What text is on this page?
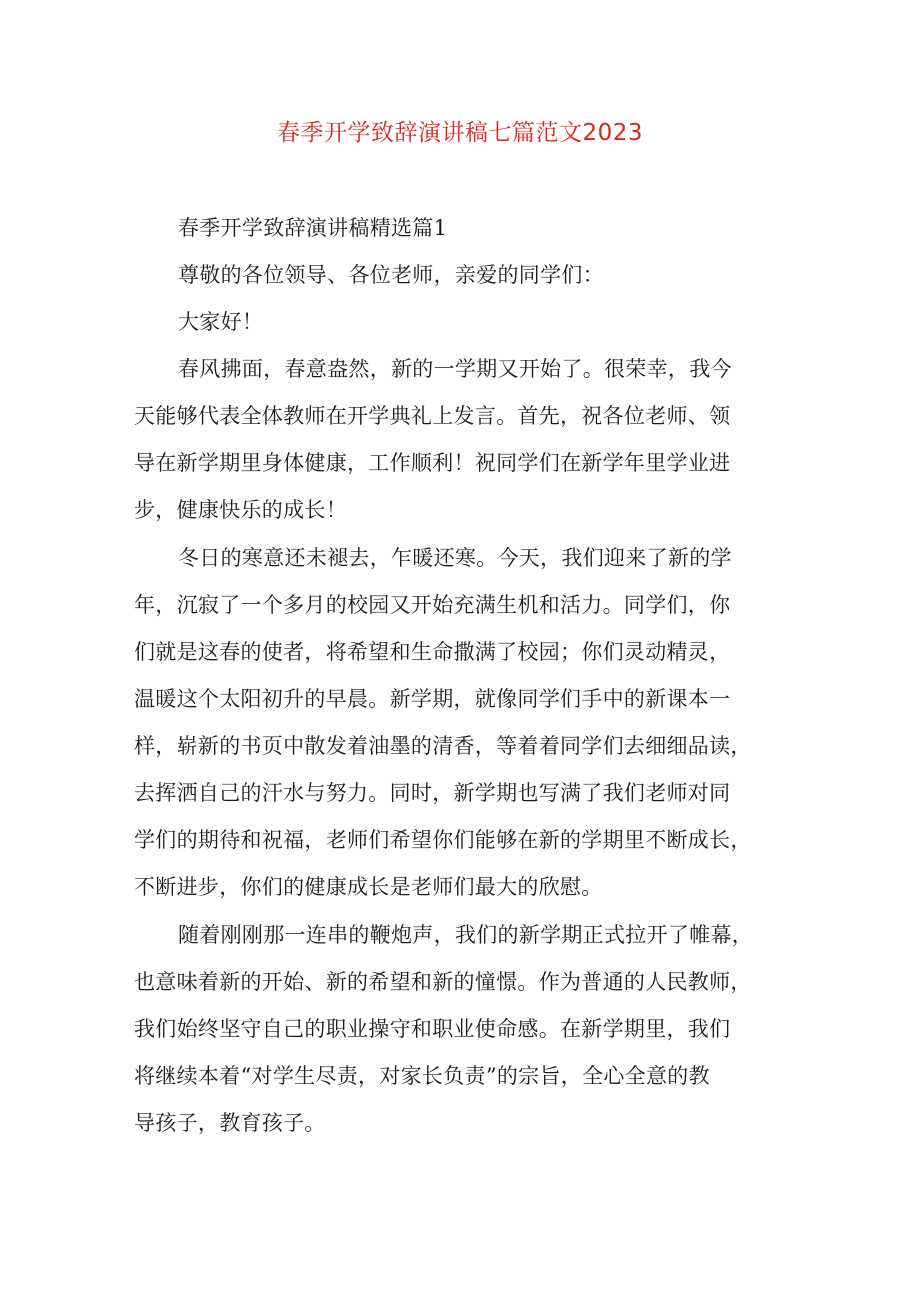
春季开学致辞演讲稿七篇范文2023
春季开学致辞演讲稿精选篇1
尊敬的各位领导、各位老师，亲爱的同学们：
大家好！
春风拂面，春意盎然，新的一学期又开始了。很荣幸，我今
天能够代表全体教师在开学典礼上发言。首先，祝各位老师、领
导在新学期里身体健康，工作顺利！祝同学们在新学年里学业进
步，健康快乐的成长！
冬日的寒意还未褪去，乍暖还寒。今天，我们迎来了新的学
年，沉寂了一个多月的校园又开始充满生机和活力。同学们，你
们就是这春的使者，将希望和生命撒满了校园；你们灵动精灵，
温暖这个太阳初升的早晨。新学期，就像同学们手中的新课本一
样，崭新的书页中散发着油墨的清香，等着着同学们去细细品读，
去挥洒自己的汗水与努力。同时，新学期也写满了我们老师对同
学们的期待和祝福，老师们希望你们能够在新的学期里不断成长，
不断进步，你们的健康成长是老师们最大的欣慰。
随着刚刚那一连串的鞭炮声，我们的新学期正式拉开了帷幕，
也意味着新的开始、新的希望和新的憧憬。作为普通的人民教师，
我们始终坚守自己的职业操守和职业使命感。在新学期里，我们
将继续本着“对学生尽责，对家长负责”的宗旨，全心全意的教
导孩子，教育孩子。
